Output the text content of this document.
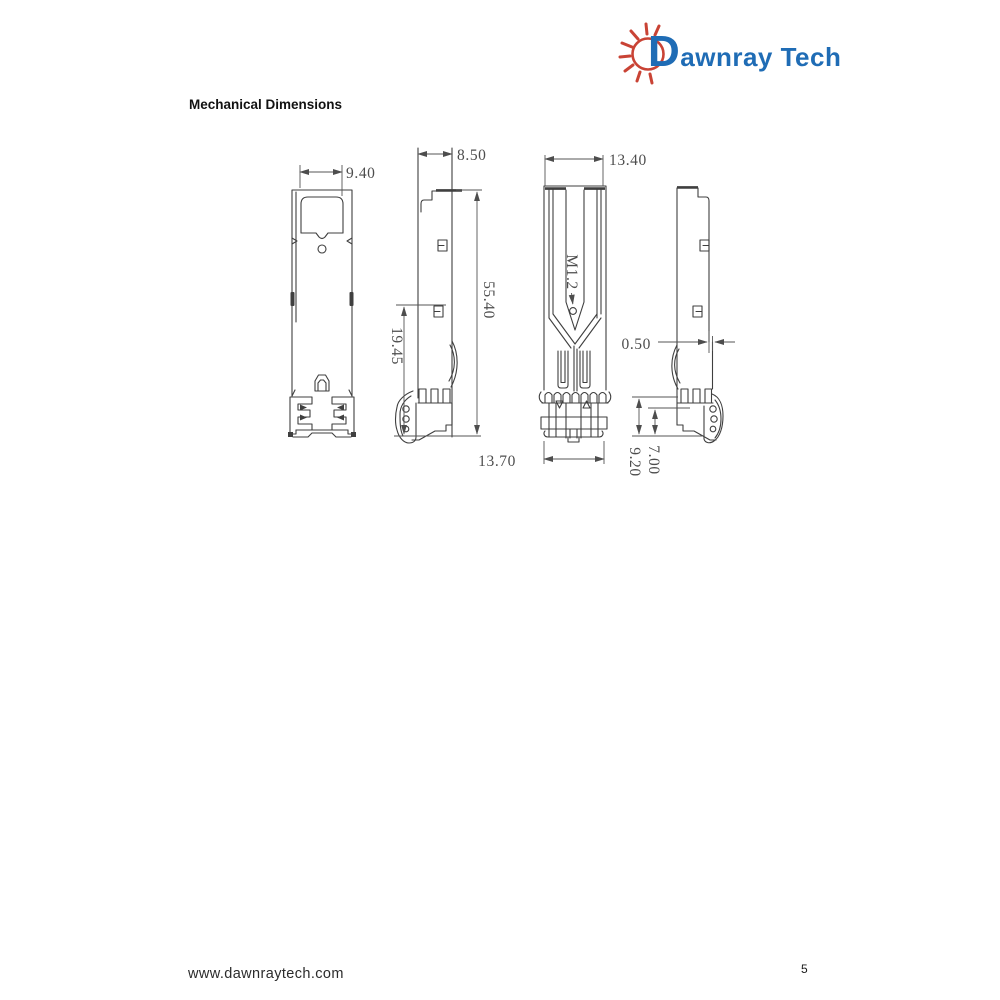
Dawnray Tech
Mechanical Dimensions
9.40
8.50	13.40
55.40
19.45
13.70
M1.2
0.50
9.20 7.00
www.dawnraytech.com	5
